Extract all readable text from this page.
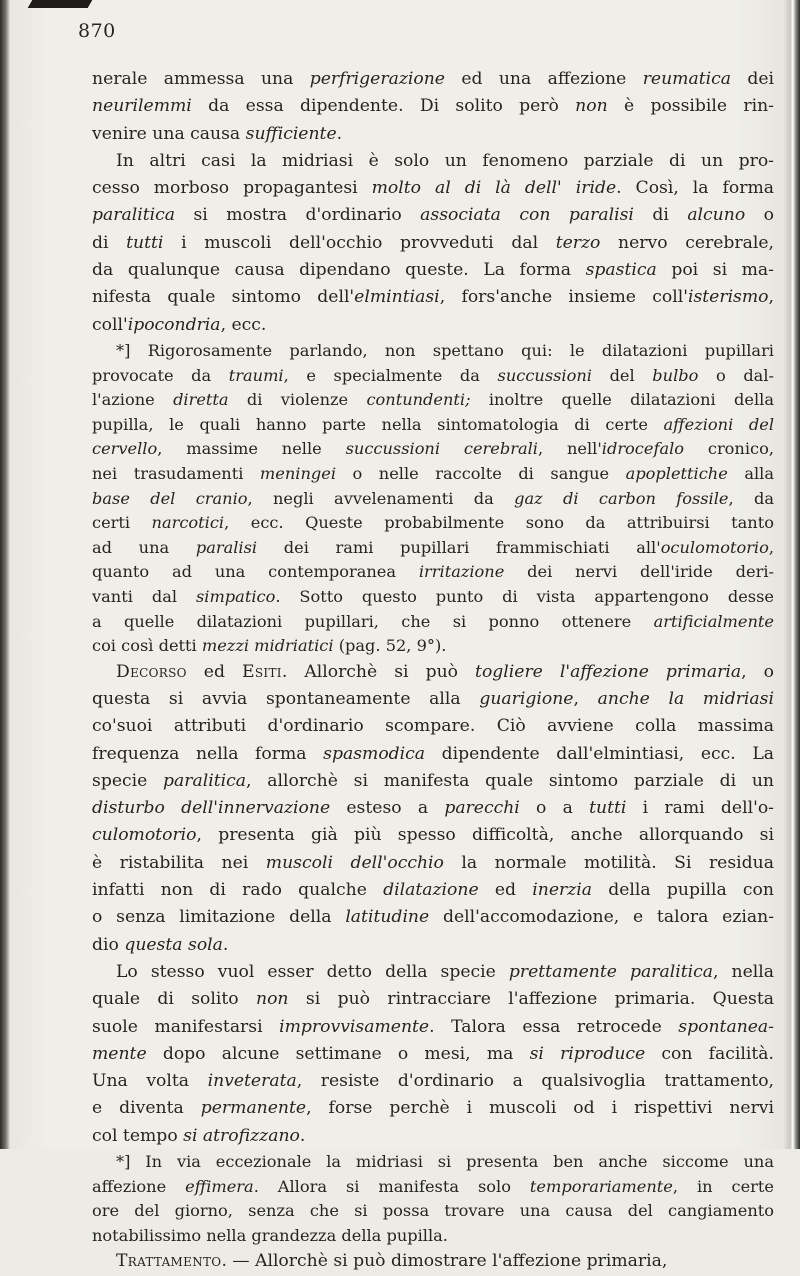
870
nerale ammessa una perfrigerazione ed una affezione reumatica dei
neurilemmi da essa dipendente. Di solito però non è possibile rin-
venire una causa sufficiente.
In altri casi la midriasi è solo un fenomeno parziale di un pro-
cesso morboso propagantesi molto al di là dell' iride. Così, la forma
paralitica si mostra d'ordinario associata con paralisi di alcuno o
di tutti i muscoli dell'occhio provveduti dal terzo nervo cerebrale,
da qualunque causa dipendano queste. La forma spastica poi si ma-
nifesta quale sintomo dell'elmintiasi, fors'anche insieme coll'isterismo,
coll'ipocondria, ecc.
*] Rigorosamente parlando, non spettano qui: le dilatazioni pupillari
provocate da traumi, e specialmente da succussioni del bulbo o dal-
l'azione diretta di violenze contundenti; inoltre quelle dilatazioni della
pupilla, le quali hanno parte nella sintomatologia di certe affezioni del
cervello, massime nelle succussioni cerebrali, nell'idrocefalo cronico,
nei trasudamenti meningei o nelle raccolte di sangue apoplettiche alla
base del cranio, negli avvelenamenti da gaz di carbon fossile, da
certi narcotici, ecc. Queste probabilmente sono da attribuirsi tanto
ad una paralisi dei rami pupillari frammischiati all'oculomotorio,
quanto ad una contemporanea irritazione dei nervi dell'iride deri-
vanti dal simpatico. Sotto questo punto di vista appartengono desse
a quelle dilatazioni pupillari, che si ponno ottenere artificialmente
coi così detti mezzi midriatici (pag. 52, 9°).
Decorso ed Esiti. Allorchè si può togliere l'affezione primaria, o
questa si avvia spontaneamente alla guarigione, anche la midriasi
co'suoi attributi d'ordinario scompare. Ciò avviene colla massima
frequenza nella forma spasmodica dipendente dall'elmintiasi, ecc. La
specie paralitica, allorchè si manifesta quale sintomo parziale di un
disturbo dell'innervazione esteso a parecchi o a tutti i rami dell'o-
culomotorio, presenta già più spesso difficoltà, anche allorquando si
è ristabilita nei muscoli dell'occhio la normale motilità. Si residua
infatti non di rado qualche dilatazione ed inerzia della pupilla con
o senza limitazione della latitudine dell'accomodazione, e talora ezian-
dio questa sola.
Lo stesso vuol esser detto della specie prettamente paralitica, nella
quale di solito non si può rintracciare l'affezione primaria. Questa
suole manifestarsi improvvisamente. Talora essa retrocede spontanea-
mente dopo alcune settimane o mesi, ma si riproduce con facilità.
Una volta inveterata, resiste d'ordinario a qualsivoglia trattamento,
e diventa permanente, forse perchè i muscoli od i rispettivi nervi
col tempo si atrofizzano.
*] In via eccezionale la midriasi si presenta ben anche siccome una
affezione effimera. Allora si manifesta solo temporariamente, in certe
ore del giorno, senza che si possa trovare una causa del cangiamento
notabilissimo nella grandezza della pupilla.
Trattamento. — Allorchè si può dimostrare l'affezione primaria,
